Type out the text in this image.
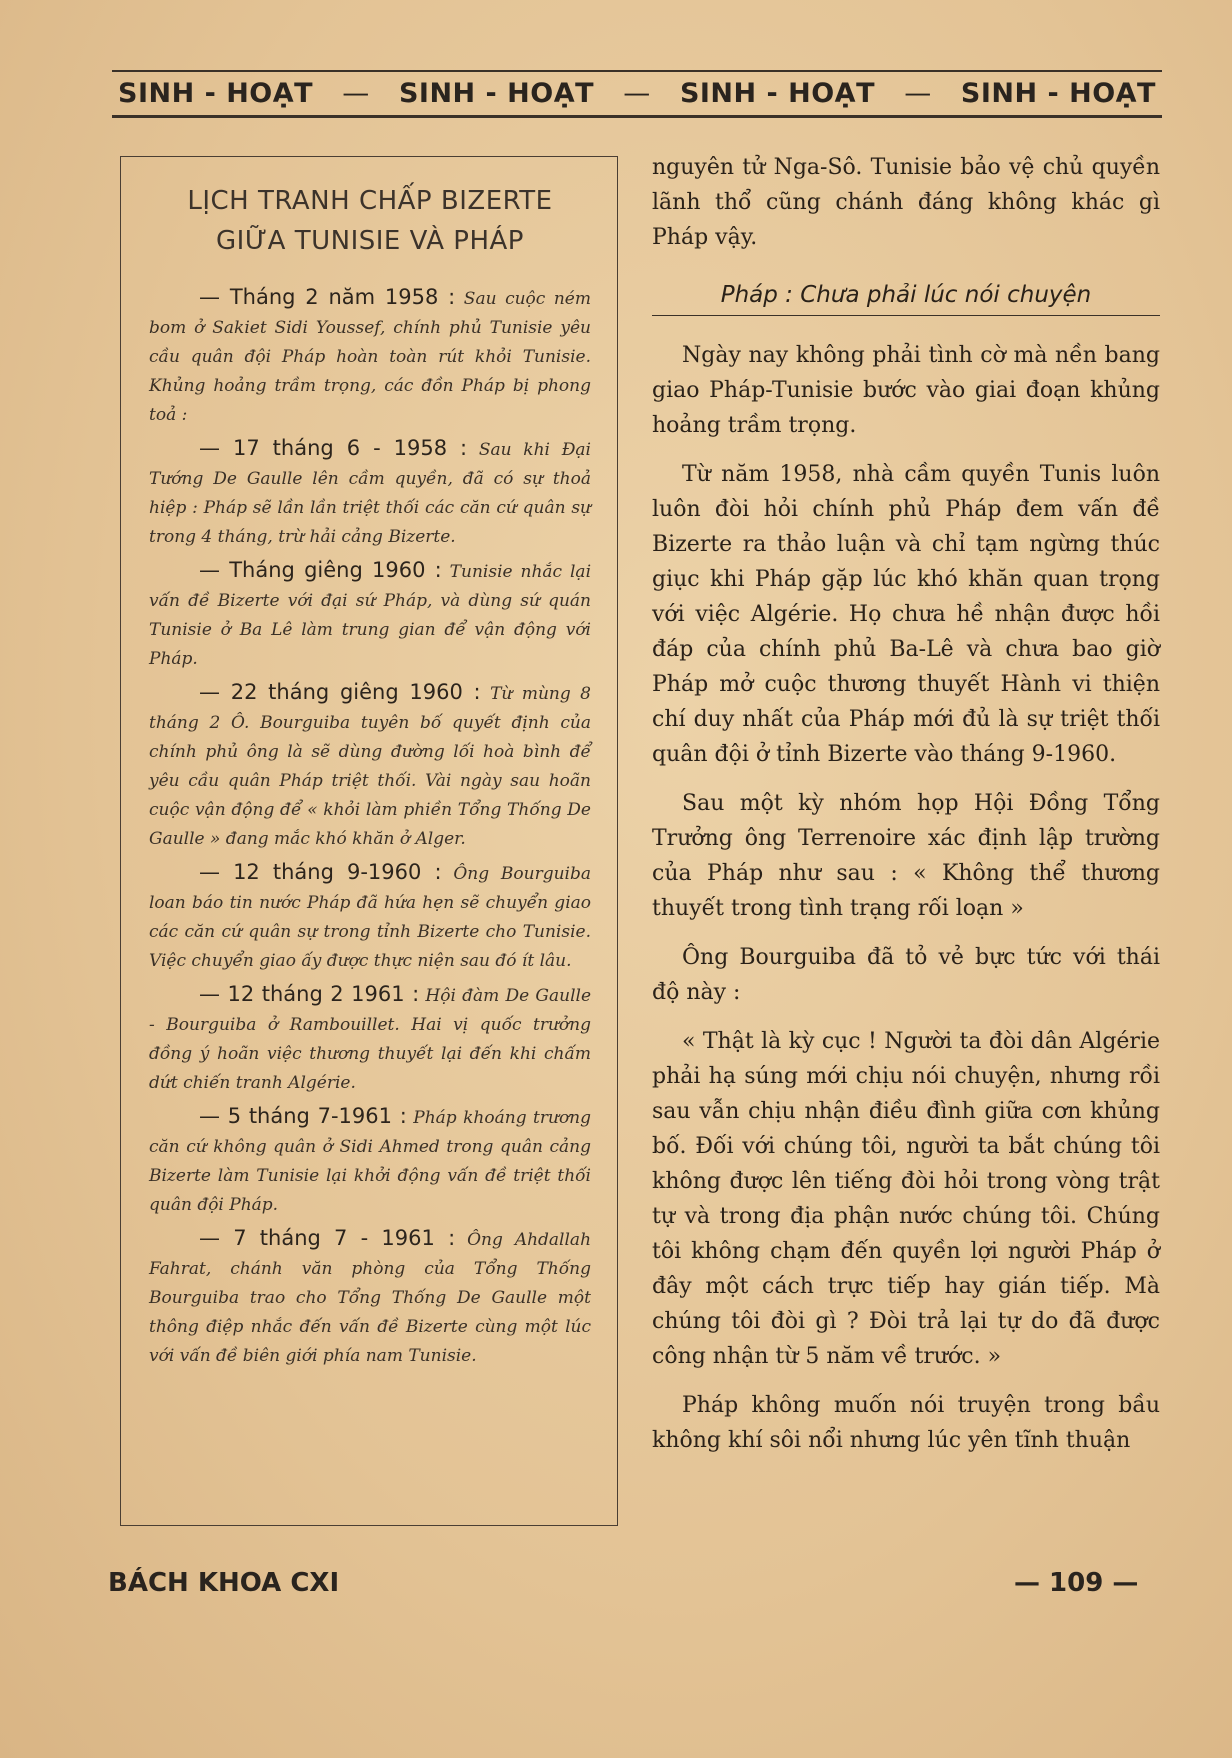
SINH - HOẠT — SINH - HOẠT — SINH - HOẠT — SINH - HOẠT
LỊCH TRANH CHẤP BIZERTE
GIỮA TUNISIE VÀ PHÁP

— Tháng 2 năm 1958 : Sau cuộc ném bom ở Sakiet Sidi Youssef, chính phủ Tunisie yêu cầu quân đội Pháp hoàn toàn rút khỏi Tunisie. Khủng hoảng trầm trọng, các đồn Pháp bị phong toả :

— 17 tháng 6 - 1958 : Sau khi Đại Tướng De Gaulle lên cầm quyền, đã có sự thoả hiệp : Pháp sẽ lần lần triệt thối các căn cứ quân sự trong 4 tháng, trừ hải cảng Bizerte.

— Tháng giêng 1960 : Tunisie nhắc lại vấn đề Bizerte với đại sứ Pháp, và dùng sứ quán Tunisie ở Ba Lê làm trung gian để vận động với Pháp.

— 22 tháng giêng 1960 : Từ mùng 8 tháng 2 Ô. Bourguiba tuyên bố quyết định của chính phủ ông là sẽ dùng đường lối hoà bình để yêu cầu quân Pháp triệt thối. Vài ngày sau hoãn cuộc vận động để « khỏi làm phiền Tổng Thống De Gaulle » đang mắc khó khăn ở Alger.

— 12 tháng 9-1960 : Ông Bourguiba loan báo tin nước Pháp đã hứa hẹn sẽ chuyển giao các căn cứ quân sự trong tỉnh Bizerte cho Tunisie. Việc chuyển giao ấy được thực niện sau đó ít lâu.

— 12 tháng 2 1961 : Hội đàm De Gaulle - Bourguiba ở Rambouillet. Hai vị quốc trưởng đồng ý hoãn việc thương thuyết lại đến khi chấm dứt chiến tranh Algérie.

— 5 tháng 7-1961 : Pháp khoáng trương căn cứ không quân ở Sidi Ahmed trong quân cảng Bizerte làm Tunisie lại khởi động vấn đề triệt thối quân đội Pháp.

— 7 tháng 7 - 1961 : Ông Ahdallah Fahrat, chánh văn phòng của Tổng Thống Bourguiba trao cho Tổng Thống De Gaulle một thông điệp nhắc đến vấn đề Bizerte cùng một lúc với vấn đề biên giới phía nam Tunisie.

nguyên tử Nga-Sô. Tunisie bảo vệ chủ quyền lãnh thổ cũng chánh đáng không khác gì Pháp vậy.

Pháp : Chưa phải lúc nói chuyện

Ngày nay không phải tình cờ mà nền bang giao Pháp-Tunisie bước vào giai đoạn khủng hoảng trầm trọng.

Từ năm 1958, nhà cầm quyền Tunis luôn luôn đòi hỏi chính phủ Pháp đem vấn đề Bizerte ra thảo luận và chỉ tạm ngừng thúc giục khi Pháp gặp lúc khó khăn quan trọng với việc Algérie. Họ chưa hề nhận được hồi đáp của chính phủ Ba-Lê và chưa bao giờ Pháp mở cuộc thương thuyết Hành vi thiện chí duy nhất của Pháp mới đủ là sự triệt thối quân đội ở tỉnh Bizerte vào tháng 9-1960.

Sau một kỳ nhóm họp Hội Đồng Tổng Trưởng ông Terrenoire xác định lập trường của Pháp như sau : « Không thể thương thuyết trong tình trạng rối loạn »

Ông Bourguiba đã tỏ vẻ bực tức với thái độ này :

« Thật là kỳ cục ! Người ta đòi dân Algérie phải hạ súng mới chịu nói chuyện, nhưng rồi sau vẫn chịu nhận điều đình giữa cơn khủng bố. Đối với chúng tôi, người ta bắt chúng tôi không được lên tiếng đòi hỏi trong vòng trật tự và trong địa phận nước chúng tôi. Chúng tôi không chạm đến quyền lợi người Pháp ở đây một cách trực tiếp hay gián tiếp. Mà chúng tôi đòi gì ? Đòi trả lại tự do đã được công nhận từ 5 năm về trước. »

Pháp không muốn nói truyện trong bầu không khí sôi nổi nhưng lúc yên tĩnh thuận

BÁCH KHOA CXI	— 109 —
